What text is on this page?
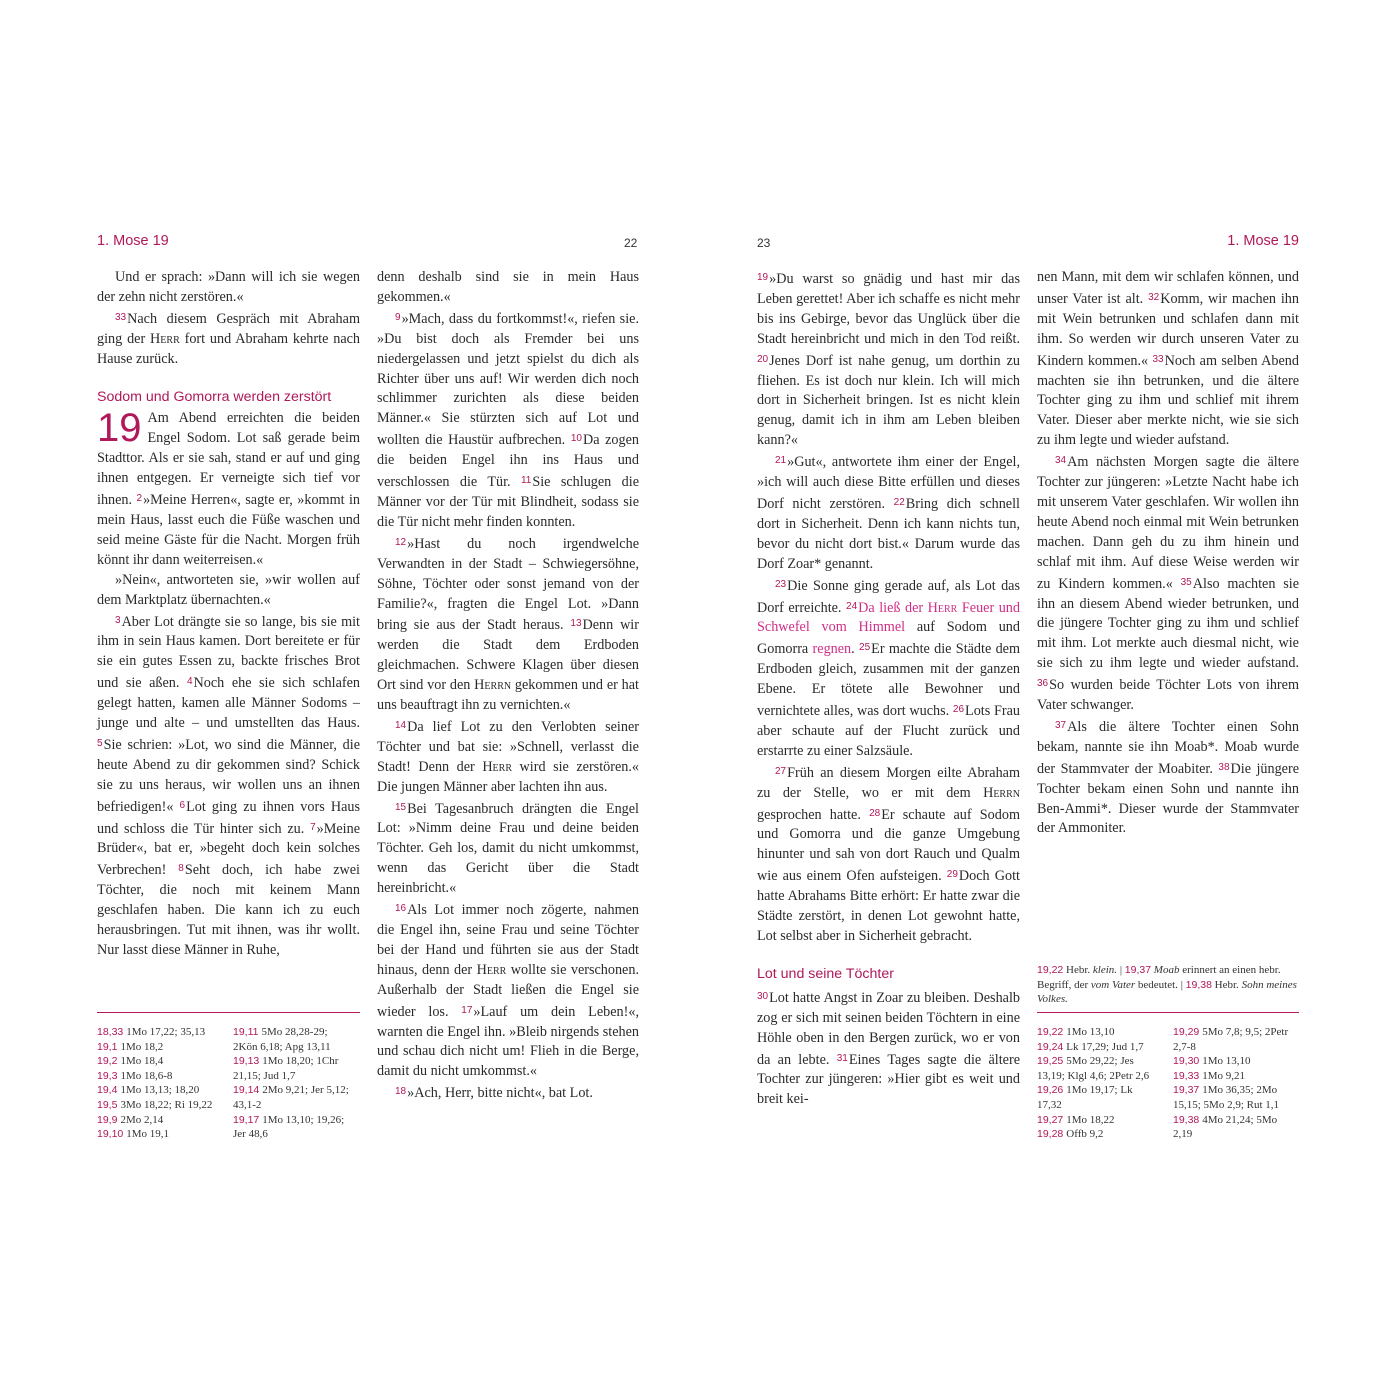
1. Mose 19	22

Und er sprach: »Dann will ich sie wegen der zehn nicht zerstören.«

$^{33}$Nach diesem Gespräch mit Abraham ging der Herr fort und Abraham kehrte nach Hause zurück.

Sodom und Gomorra werden zerstört

19 Am Abend erreichten die beiden Engel Sodom. Lot saß gerade beim Stadttor. Als er sie sah, stand er auf und ging ihnen entgegen. Er verneigte sich tief vor ihnen. $^2$»Meine Herren«, sagte er, »kommt in mein Haus, lasst euch die Füße waschen und seid meine Gäste für die Nacht. Morgen früh könnt ihr dann weiterreisen.«

»Nein«, antworteten sie, »wir wollen auf dem Marktplatz übernachten.«

$^3$Aber Lot drängte sie so lange, bis sie mit ihm in sein Haus kamen. Dort bereitete er für sie ein gutes Essen zu, backte frisches Brot und sie aßen. $^4$Noch ehe sie sich schlafen gelegt hatten, kamen alle Männer Sodoms – junge und alte – und umstellten das Haus. $^5$Sie schrien: »Lot, wo sind die Männer, die heute Abend zu dir gekommen sind? Schick sie zu uns heraus, wir wollen uns an ihnen befriedigen!« $^6$Lot ging zu ihnen vors Haus und schloss die Tür hinter sich zu. $^7$»Meine Brüder«, bat er, »begeht doch kein solches Verbrechen! $^8$Seht doch, ich habe zwei Töchter, die noch mit keinem Mann geschlafen haben. Die kann ich zu euch herausbringen. Tut mit ihnen, was ihr wollt. Nur lasst diese Männer in Ruhe,

denn deshalb sind sie in mein Haus gekommen.«

$^9$»Mach, dass du fortkommst!«, riefen sie. »Du bist doch als Fremder bei uns niedergelassen und jetzt spielst du dich als Richter über uns auf! Wir werden dich noch schlimmer zurichten als diese beiden Männer.« Sie stürzten sich auf Lot und wollten die Haustür aufbrechen. $^{10}$Da zogen die beiden Engel ihn ins Haus und verschlossen die Tür. $^{11}$Sie schlugen die Männer vor der Tür mit Blindheit, sodass sie die Tür nicht mehr finden konnten.

$^{12}$»Hast du noch irgendwelche Verwandten in der Stadt – Schwiegersöhne, Söhne, Töchter oder sonst jemand von der Familie?«, fragten die Engel Lot. »Dann bring sie aus der Stadt heraus. $^{13}$Denn wir werden die Stadt dem Erdboden gleichmachen. Schwere Klagen über diesen Ort sind vor den Herrn gekommen und er hat uns beauftragt ihn zu vernichten.«

$^{14}$Da lief Lot zu den Verlobten seiner Töchter und bat sie: »Schnell, verlasst die Stadt! Denn der Herr wird sie zerstören.« Die jungen Männer aber lachten ihn aus.

$^{15}$Bei Tagesanbruch drängten die Engel Lot: »Nimm deine Frau und deine beiden Töchter. Geh los, damit du nicht umkommst, wenn das Gericht über die Stadt hereinbricht.«

$^{16}$Als Lot immer noch zögerte, nahmen die Engel ihn, seine Frau und seine Töchter bei der Hand und führten sie aus der Stadt hinaus, denn der Herr wollte sie verschonen. Außerhalb der Stadt ließen die Engel sie wieder los. $^{17}$»Lauf um dein Leben!«, warnten die Engel ihn. »Bleib nirgends stehen und schau dich nicht um! Flieh in die Berge, damit du nicht umkommst.«

$^{18}$»Ach, Herr, bitte nicht«, bat Lot.

18,33 1Mo 17,22; 35,13
19,1 1Mo 18,2
19,2 1Mo 18,4
19,3 1Mo 18,6-8
19,4 1Mo 13,13; 18,20
19,5 3Mo 18,22; Ri 19,22
19,9 2Mo 2,14
19,10 1Mo 19,1
19,11 5Mo 28,28-29;
2Kön 6,18; Apg 13,11
19,13 1Mo 18,20; 1Chr
21,15; Jud 1,7
19,14 2Mo 9,21; Jer 5,12;
43,1-2
19,17 1Mo 13,10; 19,26;
Jer 48,6
23	1. Mose 19

$^{19}$»Du warst so gnädig und hast mir das Leben gerettet! Aber ich schaffe es nicht mehr bis ins Gebirge, bevor das Unglück über die Stadt hereinbricht und mich in den Tod reißt. $^{20}$Jenes Dorf ist nahe genug, um dorthin zu fliehen. Es ist doch nur klein. Ich will mich dort in Sicherheit bringen. Ist es nicht klein genug, damit ich in ihm am Leben bleiben kann?«

$^{21}$»Gut«, antwortete ihm einer der Engel, »ich will auch diese Bitte erfüllen und dieses Dorf nicht zerstören. $^{22}$Bring dich schnell dort in Sicherheit. Denn ich kann nichts tun, bevor du nicht dort bist.« Darum wurde das Dorf Zoar* genannt.

$^{23}$Die Sonne ging gerade auf, als Lot das Dorf erreichte. $^{24}$Da ließ der Herr Feuer und Schwefel vom Himmel auf Sodom und Gomorra regnen. $^{25}$Er machte die Städte dem Erdboden gleich, zusammen mit der ganzen Ebene. Er tötete alle Bewohner und vernichtete alles, was dort wuchs. $^{26}$Lots Frau aber schaute auf der Flucht zurück und erstarrte zu einer Salzsäule.

$^{27}$Früh an diesem Morgen eilte Abraham zu der Stelle, wo er mit dem Herrn gesprochen hatte. $^{28}$Er schaute auf Sodom und Gomorra und die ganze Umgebung hinunter und sah von dort Rauch und Qualm wie aus einem Ofen aufsteigen. $^{29}$Doch Gott hatte Abrahams Bitte erhört: Er hatte zwar die Städte zerstört, in denen Lot gewohnt hatte, Lot selbst aber in Sicherheit gebracht.

Lot und seine Töchter

$^{30}$Lot hatte Angst in Zoar zu bleiben. Deshalb zog er sich mit seinen beiden Töchtern in eine Höhle oben in den Bergen zurück, wo er von da an lebte. $^{31}$Eines Tages sagte die ältere Tochter zur jüngeren: »Hier gibt es weit und breit kei-

nen Mann, mit dem wir schlafen können, und unser Vater ist alt. $^{32}$Komm, wir machen ihn mit Wein betrunken und schlafen dann mit ihm. So werden wir durch unseren Vater zu Kindern kommen.« $^{33}$Noch am selben Abend machten sie ihn betrunken, und die ältere Tochter ging zu ihm und schlief mit ihrem Vater. Dieser aber merkte nicht, wie sie sich zu ihm legte und wieder aufstand.

$^{34}$Am nächsten Morgen sagte die ältere Tochter zur jüngeren: »Letzte Nacht habe ich mit unserem Vater geschlafen. Wir wollen ihn heute Abend noch einmal mit Wein betrunken machen. Dann geh du zu ihm hinein und schlaf mit ihm. Auf diese Weise werden wir zu Kindern kommen.« $^{35}$Also machten sie ihn an diesem Abend wieder betrunken, und die jüngere Tochter ging zu ihm und schlief mit ihm. Lot merkte auch diesmal nicht, wie sie sich zu ihm legte und wieder aufstand. $^{36}$So wurden beide Töchter Lots von ihrem Vater schwanger.

$^{37}$Als die ältere Tochter einen Sohn bekam, nannte sie ihn Moab*. Moab wurde der Stammvater der Moabiter. $^{38}$Die jüngere Tochter bekam einen Sohn und nannte ihn Ben-Ammi*. Dieser wurde der Stammvater der Ammoniter.

19,22 Hebr. klein. | 19,37 Moab erinnert an einen hebr. Begriff, der vom Vater bedeutet. | 19,38 Hebr. Sohn meines Volkes.
19,22 1Mo 13,10
19,24 Lk 17,29; Jud 1,7
19,25 5Mo 29,22; Jes
13,19; Klgl 4,6; 2Petr 2,6
19,26 1Mo 19,17; Lk
17,32
19,27 1Mo 18,22
19,28 Offb 9,2
19,29 5Mo 7,8; 9,5; 2Petr
2,7-8
19,30 1Mo 13,10
19,33 1Mo 9,21
19,37 1Mo 36,35; 2Mo
15,15; 5Mo 2,9; Rut 1,1
19,38 4Mo 21,24; 5Mo
2,19
